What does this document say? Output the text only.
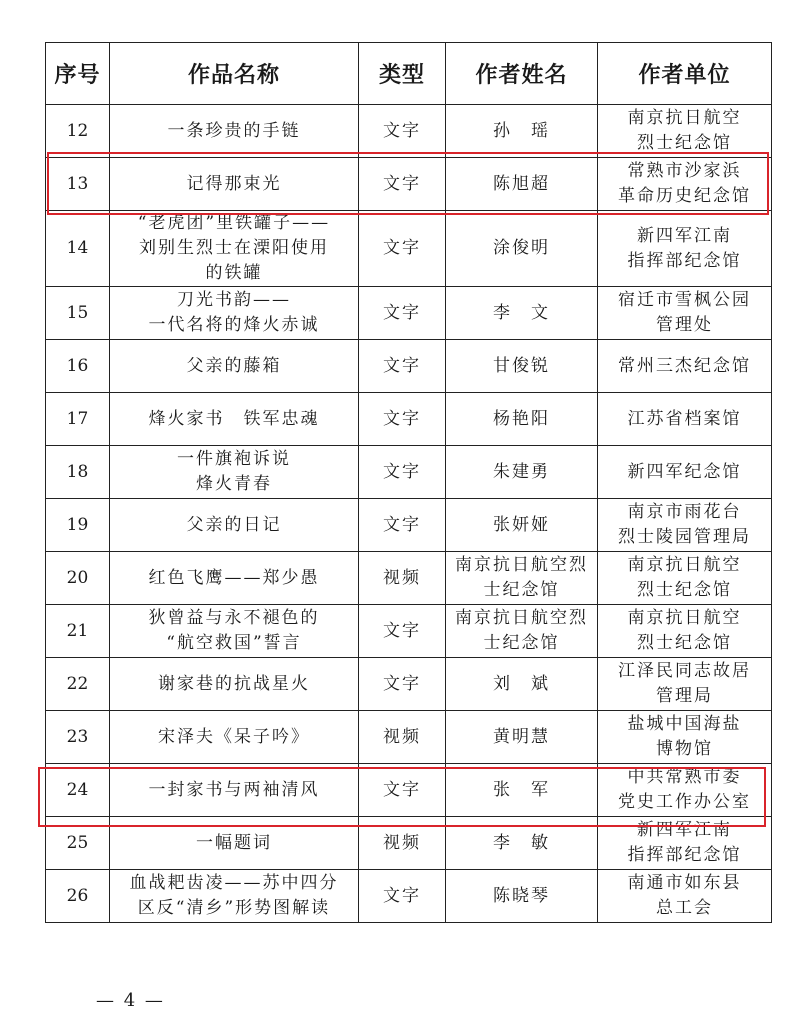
序号	作品名称	类型	作者姓名	作者单位
12	一条珍贵的手链	文字	孙　瑶	南京抗日航空
烈士纪念馆

13	记得那束光	文字	陈旭超	常熟市沙家浜
革命历史纪念馆

14	“老虎团”里铁罐子——
刘别生烈士在溧阳使用
的铁罐	文字	涂俊明	新四军江南
指挥部纪念馆

15	刀光书韵——
一代名将的烽火赤诚	文字	李　文	宿迁市雪枫公园
管理处

16	父亲的藤箱	文字	甘俊锐	常州三杰纪念馆

17	烽火家书　铁军忠魂	文字	杨艳阳	江苏省档案馆

18	一件旗袍诉说
烽火青春	文字	朱建勇	新四军纪念馆

19	父亲的日记	文字	张妍娅	南京市雨花台
烈士陵园管理局

20	红色飞鹰——郑少愚	视频	南京抗日航空烈
士纪念馆	南京抗日航空
烈士纪念馆

21	狄曾益与永不褪色的
“航空救国”誓言	文字	南京抗日航空烈
士纪念馆	南京抗日航空
烈士纪念馆

22	谢家巷的抗战星火	文字	刘　斌	江泽民同志故居
管理局

23	宋泽夫《呆子吟》	视频	黄明慧	盐城中国海盐
博物馆

24	一封家书与两袖清风	文字	张　军	中共常熟市委
党史工作办公室

25	一幅题词	视频	李　敏	新四军江南
指挥部纪念馆

26	血战耙齿凌——苏中四分
区反“清乡”形势图解读	文字	陈晓琴	南通市如东县
总工会
— 4 —
